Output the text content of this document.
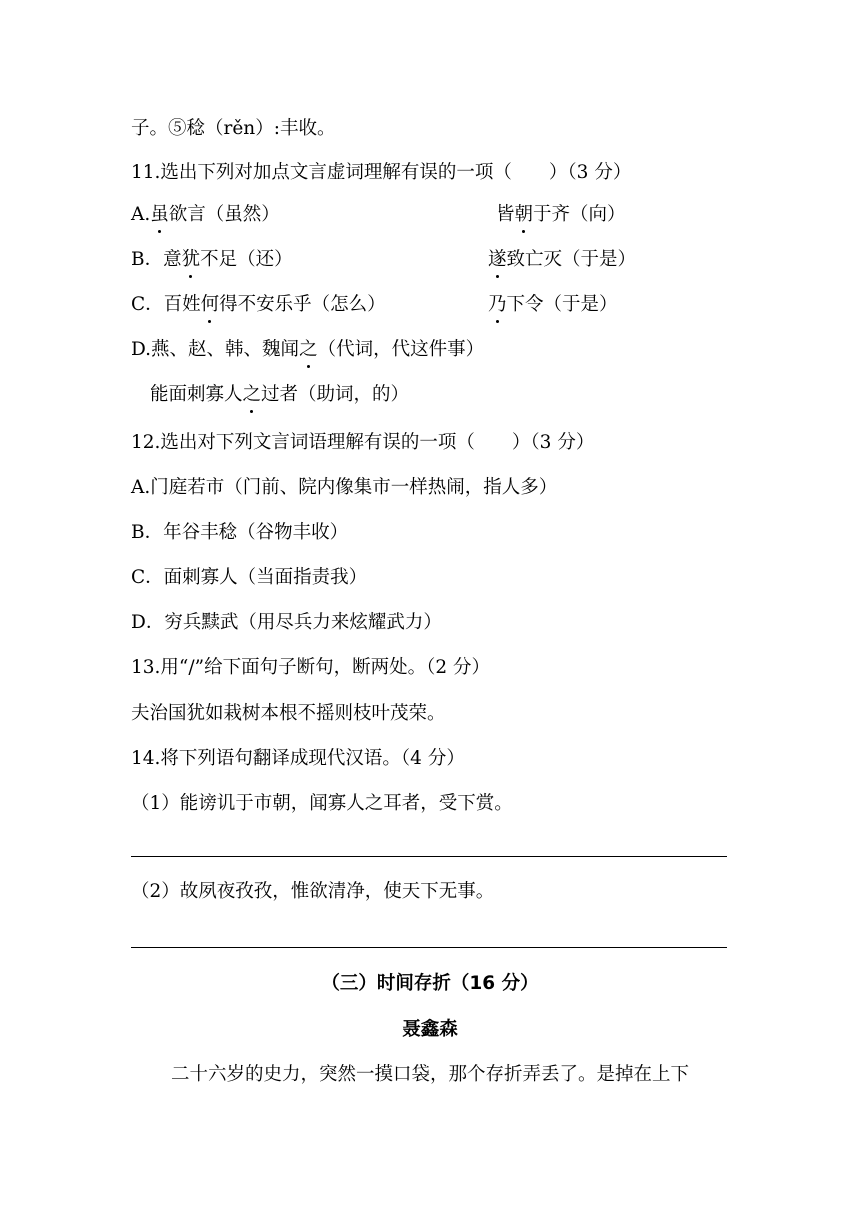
子。⑤稔（rěn）:丰收。
11.选出下列对加点文言虚词理解有误的一项（　　）（3 分）
A.虽欲言（虽然）	皆朝于齐（向）
B．意犹不足（还）	遂致亡灭（于是）
C．百姓何得不安乐乎（怎么）	乃下令（于是）
D.燕、赵、韩、魏闻之（代词，代这件事）
能面刺寡人之过者（助词，的）
12.选出对下列文言词语理解有误的一项（　　）（3 分）
A.门庭若市（门前、院内像集市一样热闹，指人多）
B．年谷丰稔（谷物丰收）
C．面刺寡人（当面指责我）
D．穷兵黩武（用尽兵力来炫耀武力）
13.用“/”给下面句子断句，断两处。（2 分）
夫治国犹如栽树本根不摇则枝叶茂荣。
14.将下列语句翻译成现代汉语。（4 分）
（1）能谤讥于市朝，闻寡人之耳者，受下赏。
（2）故夙夜孜孜，惟欲清净，使天下无事。
（三）时间存折（16 分）
聂鑫森
二十六岁的史力，突然一摸口袋，那个存折弄丢了。是掉在上下
